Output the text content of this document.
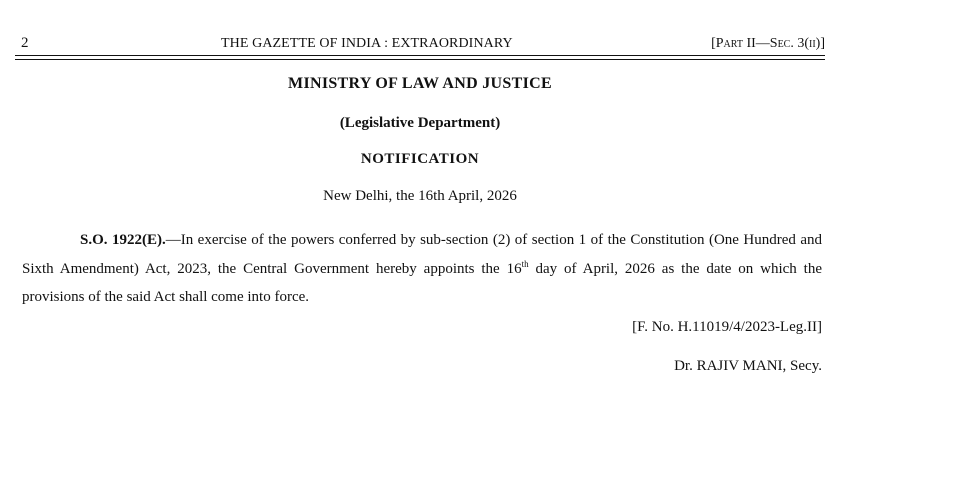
2	THE GAZETTE OF INDIA : EXTRAORDINARY	[Part II—Sec. 3(ii)]
MINISTRY OF LAW AND JUSTICE
(Legislative Department)
NOTIFICATION
New Delhi, the 16th April, 2026

S.O. 1922(E).—In exercise of the powers conferred by sub-section (2) of section 1 of the Constitution (One Hundred and Sixth Amendment) Act, 2023, the Central Government hereby appoints the 16th day of April, 2026 as the date on which the provisions of the said Act shall come into force.

[F. No. H.11019/4/2023-Leg.II]
Dr. RAJIV MANI, Secy.
